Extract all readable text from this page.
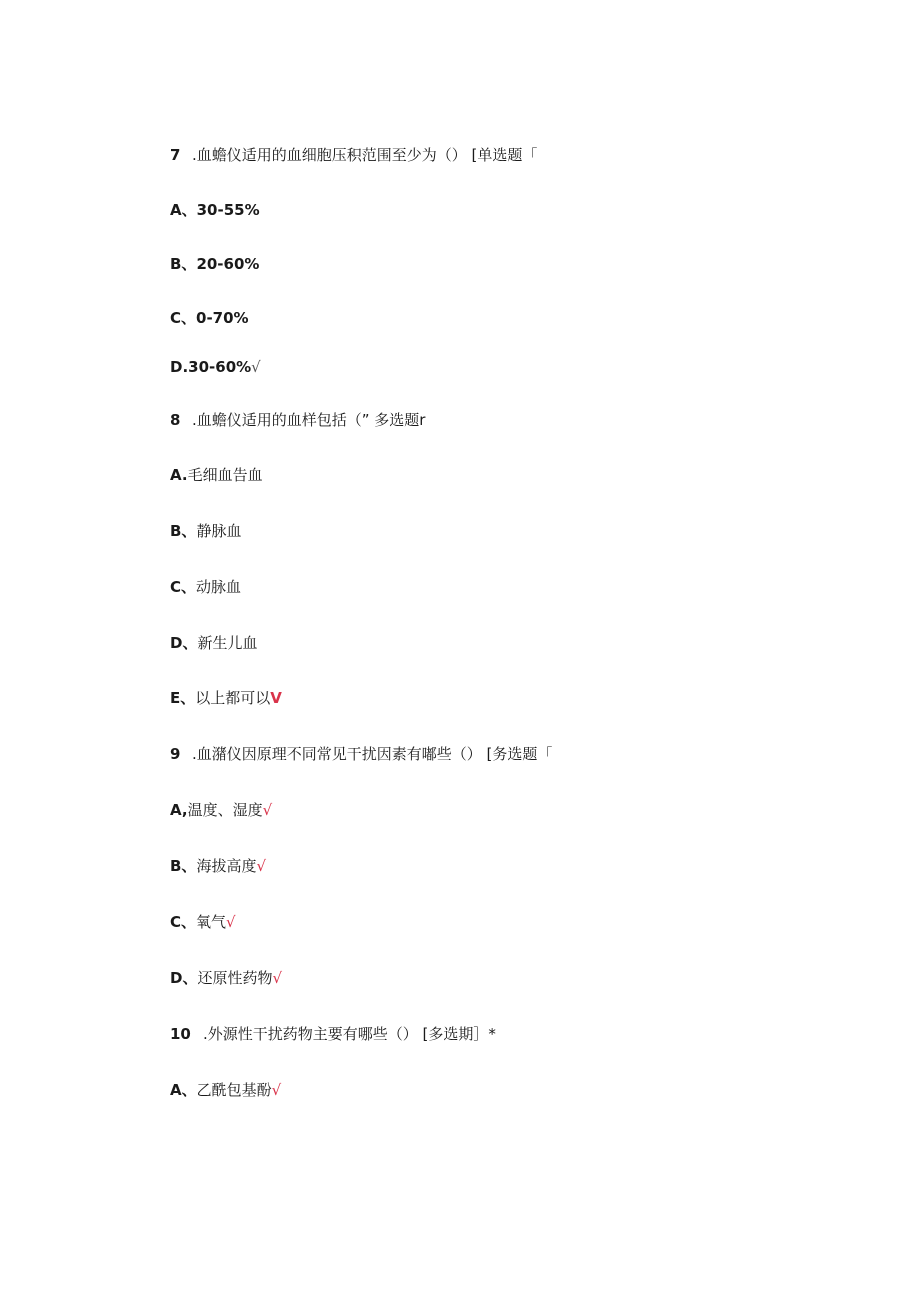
7 .血蟾仪适用的血细胞压积范围至少为（） [单选题「
A、30-55%
B、20-60%
C、0-70%
D.30-60%√
8 .血蟾仪适用的血样包括（” 多选题r
A.毛细血告血
B、静脉血
C、动脉血
D、新生儿血
E、以上都可以V
9 .血潴仪因原理不同常见干扰因素有嘟些（） [务选题「
A,温度、湿度√
B、海拔高度√
C、氧气√
D、还原性药物√
10 .外源性干扰药物主要有哪些（） [多选期］*
A、乙酰包基酚√
